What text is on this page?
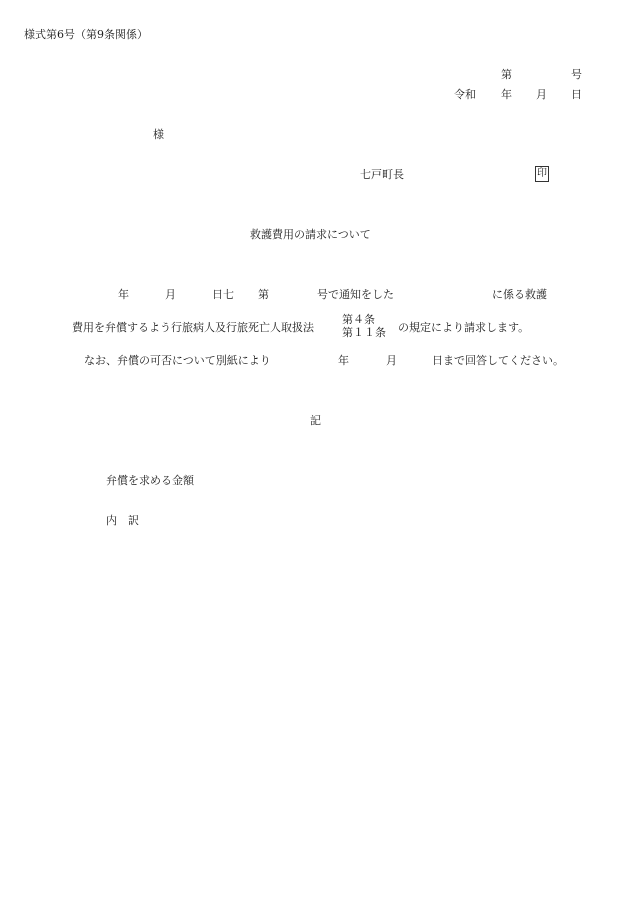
様式第6号（第9条関係）
第	号
令和 年 月 日
様
七戸町長	印
救護費用の請求について
年	月	日七 第	号で通知をした	に係る救護
費用を弁償するよう行旅病人及行旅死亡人取扱法
第４条
第１１条 の規定により請求します。
なお、弁償の可否について別紙により	年	月	日まで回答してください。
記
弁償を求める金額
内　訳
